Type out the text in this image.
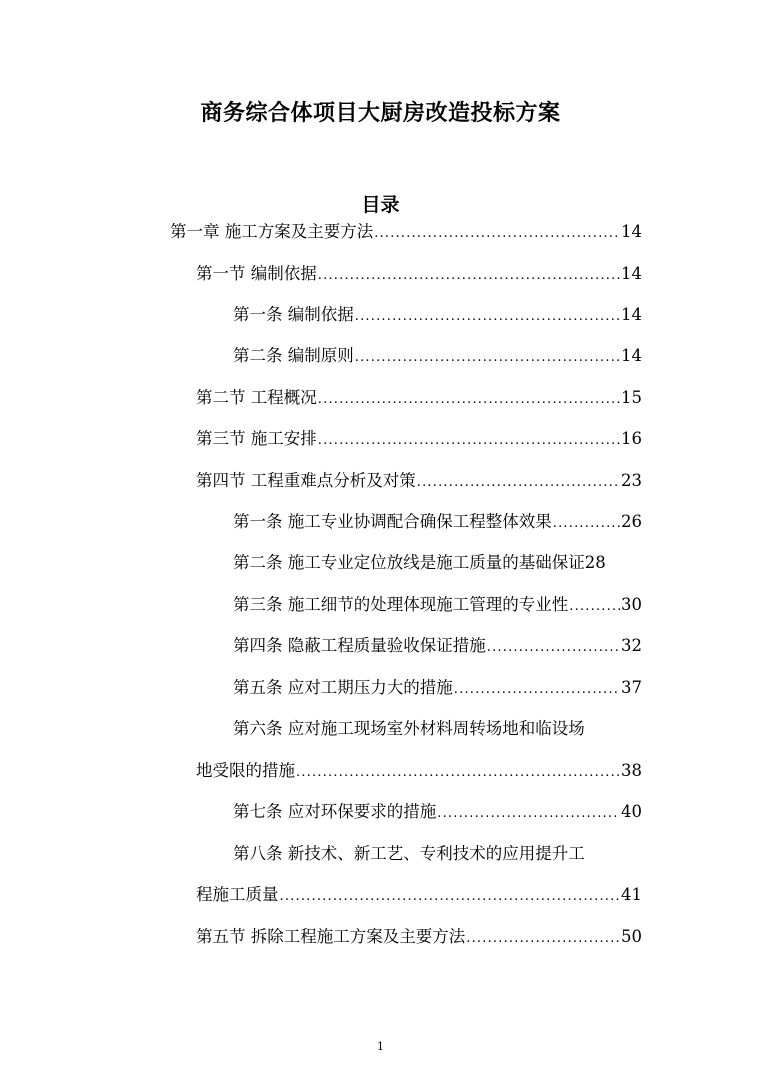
商务综合体项目大厨房改造投标方案
目录
第一章 施工方案及主要方法 .....	14
第一节 编制依据 .....	14
第一条 编制依据 .....	14
第二条 编制原则 .....	14
第二节 工程概况 .....	15
第三节 施工安排 .....	16
第四节 工程重难点分析及对策 .....	23
第一条 施工专业协调配合确保工程整体效果 .....	26
第二条 施工专业定位放线是施工质量的基础保证 28
第三条 施工细节的处理体现施工管理的专业性 .....	30
第四条 隐蔽工程质量验收保证措施 .....	32
第五条 应对工期压力大的措施 .....	37
第六条 应对施工现场室外材料周转场地和临设场
地受限的措施 .....	38
第七条 应对环保要求的措施 .....	40
第八条 新技术、新工艺、专利技术的应用提升工
程施工质量 .....	41
第五节 拆除工程施工方案及主要方法 .....	50
1
